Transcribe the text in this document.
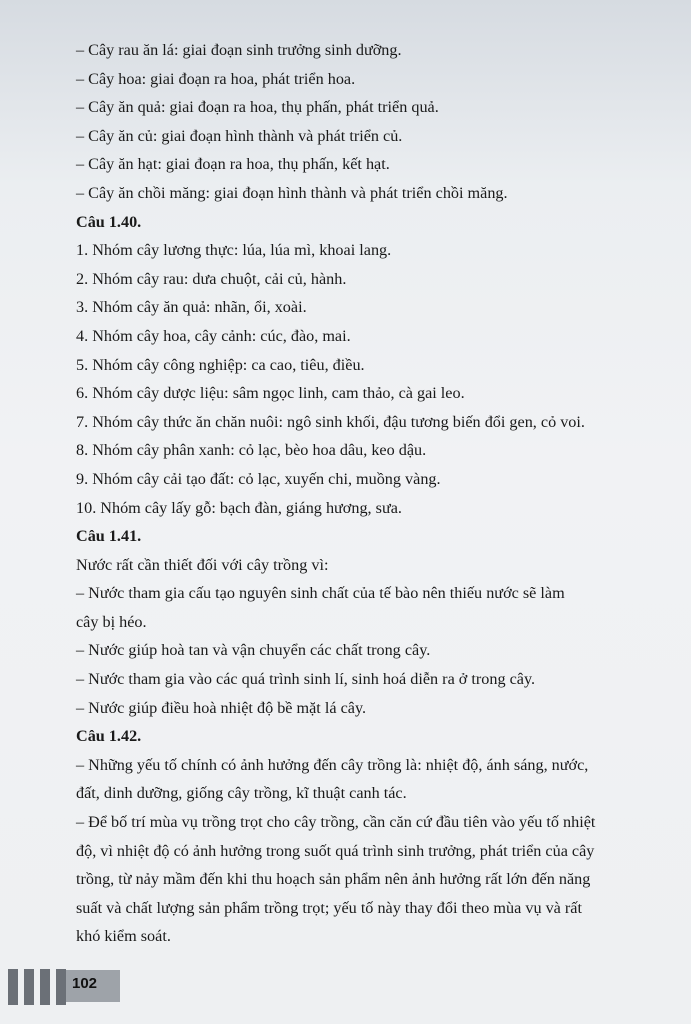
– Cây rau ăn lá: giai đoạn sinh trưởng sinh dưỡng.
– Cây hoa: giai đoạn ra hoa, phát triển hoa.
– Cây ăn quả: giai đoạn ra hoa, thụ phấn, phát triển quả.
– Cây ăn củ: giai đoạn hình thành và phát triển củ.
– Cây ăn hạt: giai đoạn ra hoa, thụ phấn, kết hạt.
– Cây ăn chồi măng: giai đoạn hình thành và phát triển chồi măng.
Câu 1.40.
1. Nhóm cây lương thực: lúa, lúa mì, khoai lang.
2. Nhóm cây rau: dưa chuột, cải củ, hành.
3. Nhóm cây ăn quả: nhãn, ổi, xoài.
4. Nhóm cây hoa, cây cảnh: cúc, đào, mai.
5. Nhóm cây công nghiệp: ca cao, tiêu, điều.
6. Nhóm cây dược liệu: sâm ngọc linh, cam thảo, cà gai leo.
7. Nhóm cây thức ăn chăn nuôi: ngô sinh khối, đậu tương biến đổi gen, cỏ voi.
8. Nhóm cây phân xanh: cỏ lạc, bèo hoa dâu, keo dậu.
9. Nhóm cây cải tạo đất: cỏ lạc, xuyến chi, muồng vàng.
10. Nhóm cây lấy gỗ: bạch đàn, giáng hương, sưa.
Câu 1.41.
Nước rất cần thiết đối với cây trồng vì:
– Nước tham gia cấu tạo nguyên sinh chất của tế bào nên thiếu nước sẽ làm
cây bị héo.
– Nước giúp hoà tan và vận chuyển các chất trong cây.
– Nước tham gia vào các quá trình sinh lí, sinh hoá diễn ra ở trong cây.
– Nước giúp điều hoà nhiệt độ bề mặt lá cây.
Câu 1.42.
– Những yếu tố chính có ảnh hưởng đến cây trồng là: nhiệt độ, ánh sáng, nước,
đất, dinh dưỡng, giống cây trồng, kĩ thuật canh tác.
– Để bố trí mùa vụ trồng trọt cho cây trồng, cần căn cứ đầu tiên vào yếu tố nhiệt
độ, vì nhiệt độ có ảnh hưởng trong suốt quá trình sinh trưởng, phát triển của cây
trồng, từ nảy mầm đến khi thu hoạch sản phẩm nên ảnh hưởng rất lớn đến năng
suất và chất lượng sản phẩm trồng trọt; yếu tố này thay đổi theo mùa vụ và rất
khó kiểm soát.
102
